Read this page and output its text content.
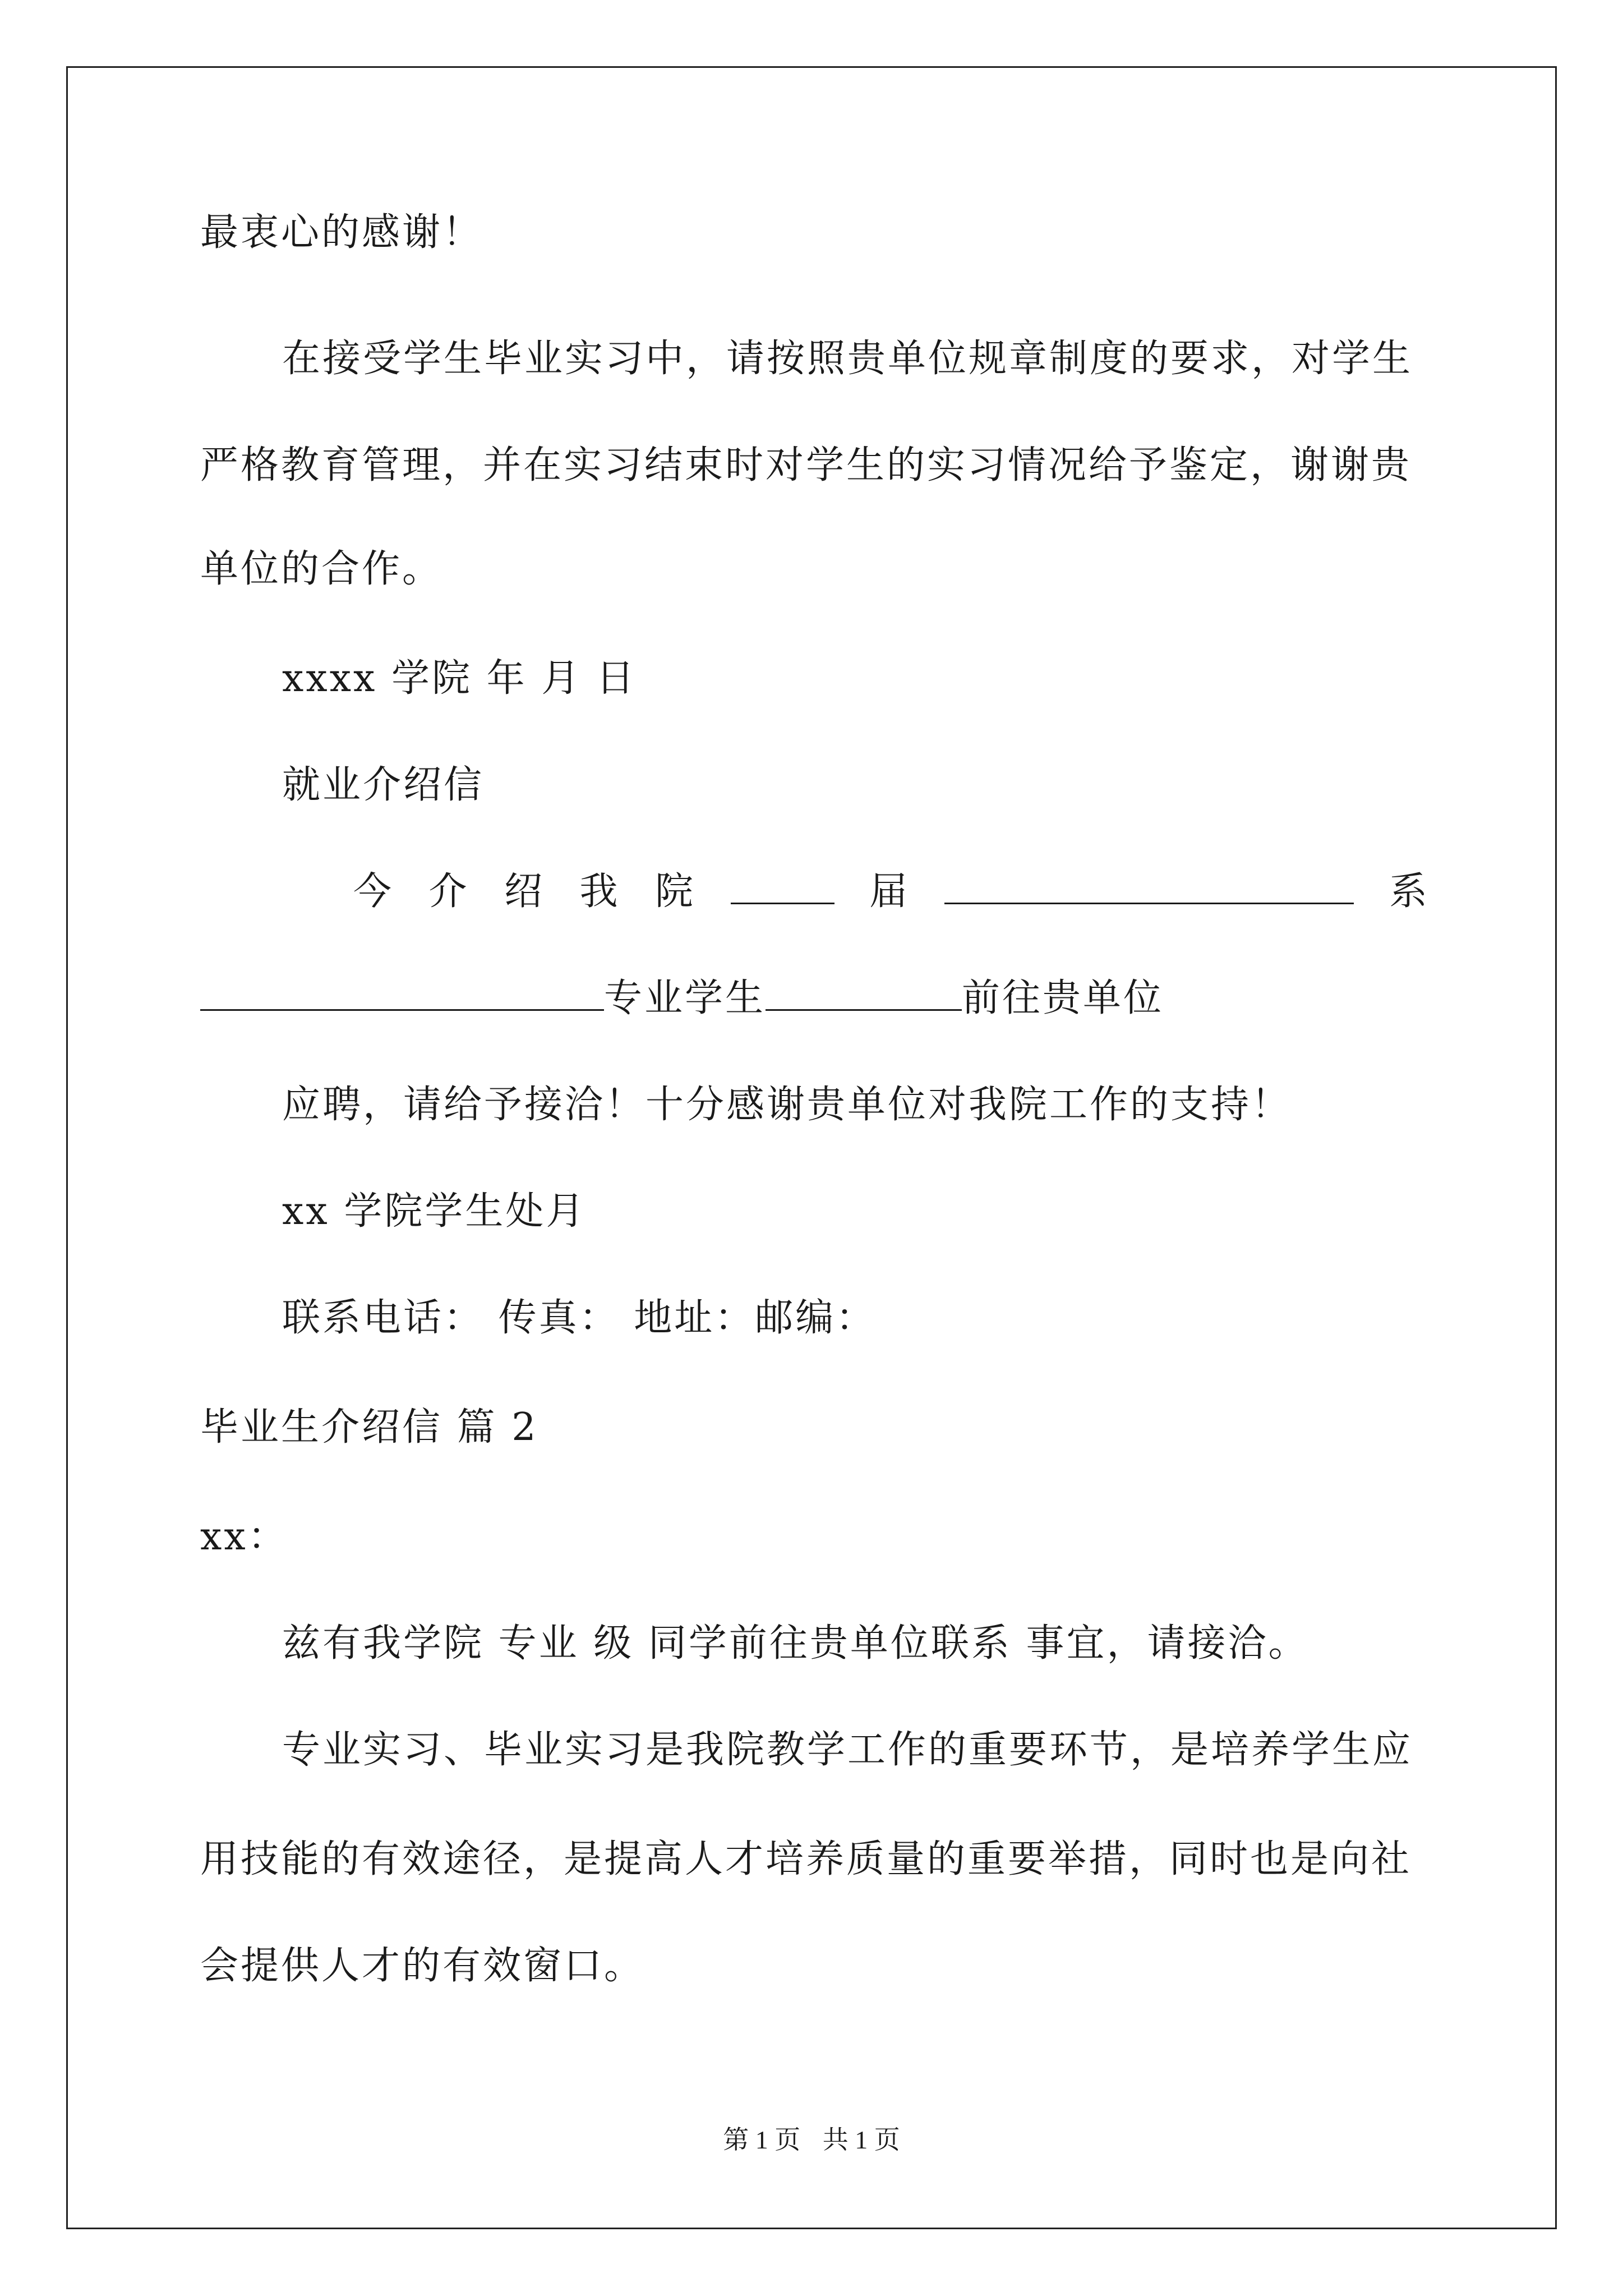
最衷心的感谢！
在接受学生毕业实习中，请按照贵单位规章制度的要求，对学生
严格教育管理，并在实习结束时对学生的实习情况给予鉴定，谢谢贵
单位的合作。
xxxx 学院 年 月 日
就业介绍信
今 介 绍 我 院	届	系
专业学生	前往贵单位
应聘，请给予接洽！十分感谢贵单位对我院工作的支持！
xx 学院学生处月
联系电话： 传真： 地址：邮编：
毕业生介绍信 篇 2
xx：
兹有我学院 专业 级 同学前往贵单位联系 事宜，请接洽。
专业实习、毕业实习是我院教学工作的重要环节，是培养学生应
用技能的有效途径，是提高人才培养质量的重要举措，同时也是向社
会提供人才的有效窗口。
第 1 页 共 1 页
